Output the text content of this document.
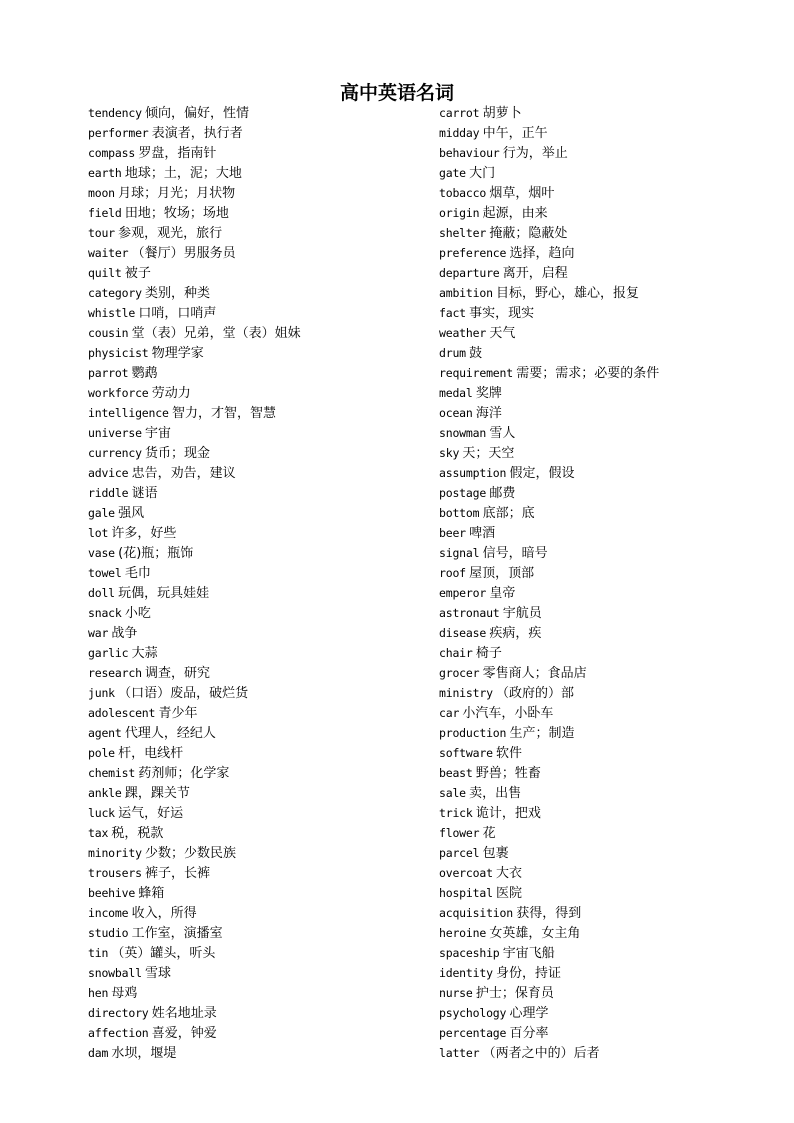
高中英语名词
tendency 倾向，偏好，性情
performer 表演者，执行者
compass 罗盘，指南针
earth 地球；土，泥；大地
moon 月球；月光；月状物
field 田地；牧场；场地
tour 参观，观光，旅行
waiter （餐厅）男服务员
quilt 被子
category 类别，种类
whistle 口哨，口哨声
cousin 堂（表）兄弟，堂（表）姐妹
physicist 物理学家
parrot 鹦鹉
workforce 劳动力
intelligence 智力，才智，智慧
universe 宇宙
currency 货币；现金
advice 忠告，劝告，建议
riddle 谜语
gale 强风
lot 许多，好些
vase (花)瓶；瓶饰
towel 毛巾
doll 玩偶，玩具娃娃
snack 小吃
war 战争
garlic 大蒜
research 调查，研究
junk （口语）废品，破烂货
adolescent 青少年
agent 代理人，经纪人
pole 杆，电线杆
chemist 药剂师；化学家
ankle 踝，踝关节
luck 运气，好运
tax 税，税款
minority 少数；少数民族
trousers 裤子，长裤
beehive 蜂箱
income 收入，所得
studio 工作室，演播室
tin （英）罐头，听头
snowball 雪球
hen 母鸡
directory 姓名地址录
affection 喜爱，钟爱
dam 水坝，堰堤
carrot 胡萝卜
midday 中午，正午
behaviour 行为，举止
gate 大门
tobacco 烟草，烟叶
origin 起源，由来
shelter 掩蔽；隐蔽处
preference 选择，趋向
departure 离开，启程
ambition 目标，野心，雄心，报复
fact 事实，现实
weather 天气
drum 鼓
requirement 需要；需求；必要的条件
medal 奖牌
ocean 海洋
snowman 雪人
sky 天；天空
assumption 假定，假设
postage 邮费
bottom 底部；底
beer 啤酒
signal 信号，暗号
roof 屋顶，顶部
emperor 皇帝
astronaut 宇航员
disease 疾病，疾
chair 椅子
grocer 零售商人；食品店
ministry （政府的）部
car 小汽车，小卧车
production 生产；制造
software 软件
beast 野兽；牲畜
sale 卖，出售
trick 诡计，把戏
flower 花
parcel 包裹
overcoat 大衣
hospital 医院
acquisition 获得，得到
heroine 女英雄，女主角
spaceship 宇宙飞船
identity 身份，持证
nurse 护士；保育员
psychology 心理学
percentage 百分率
latter （两者之中的）后者
